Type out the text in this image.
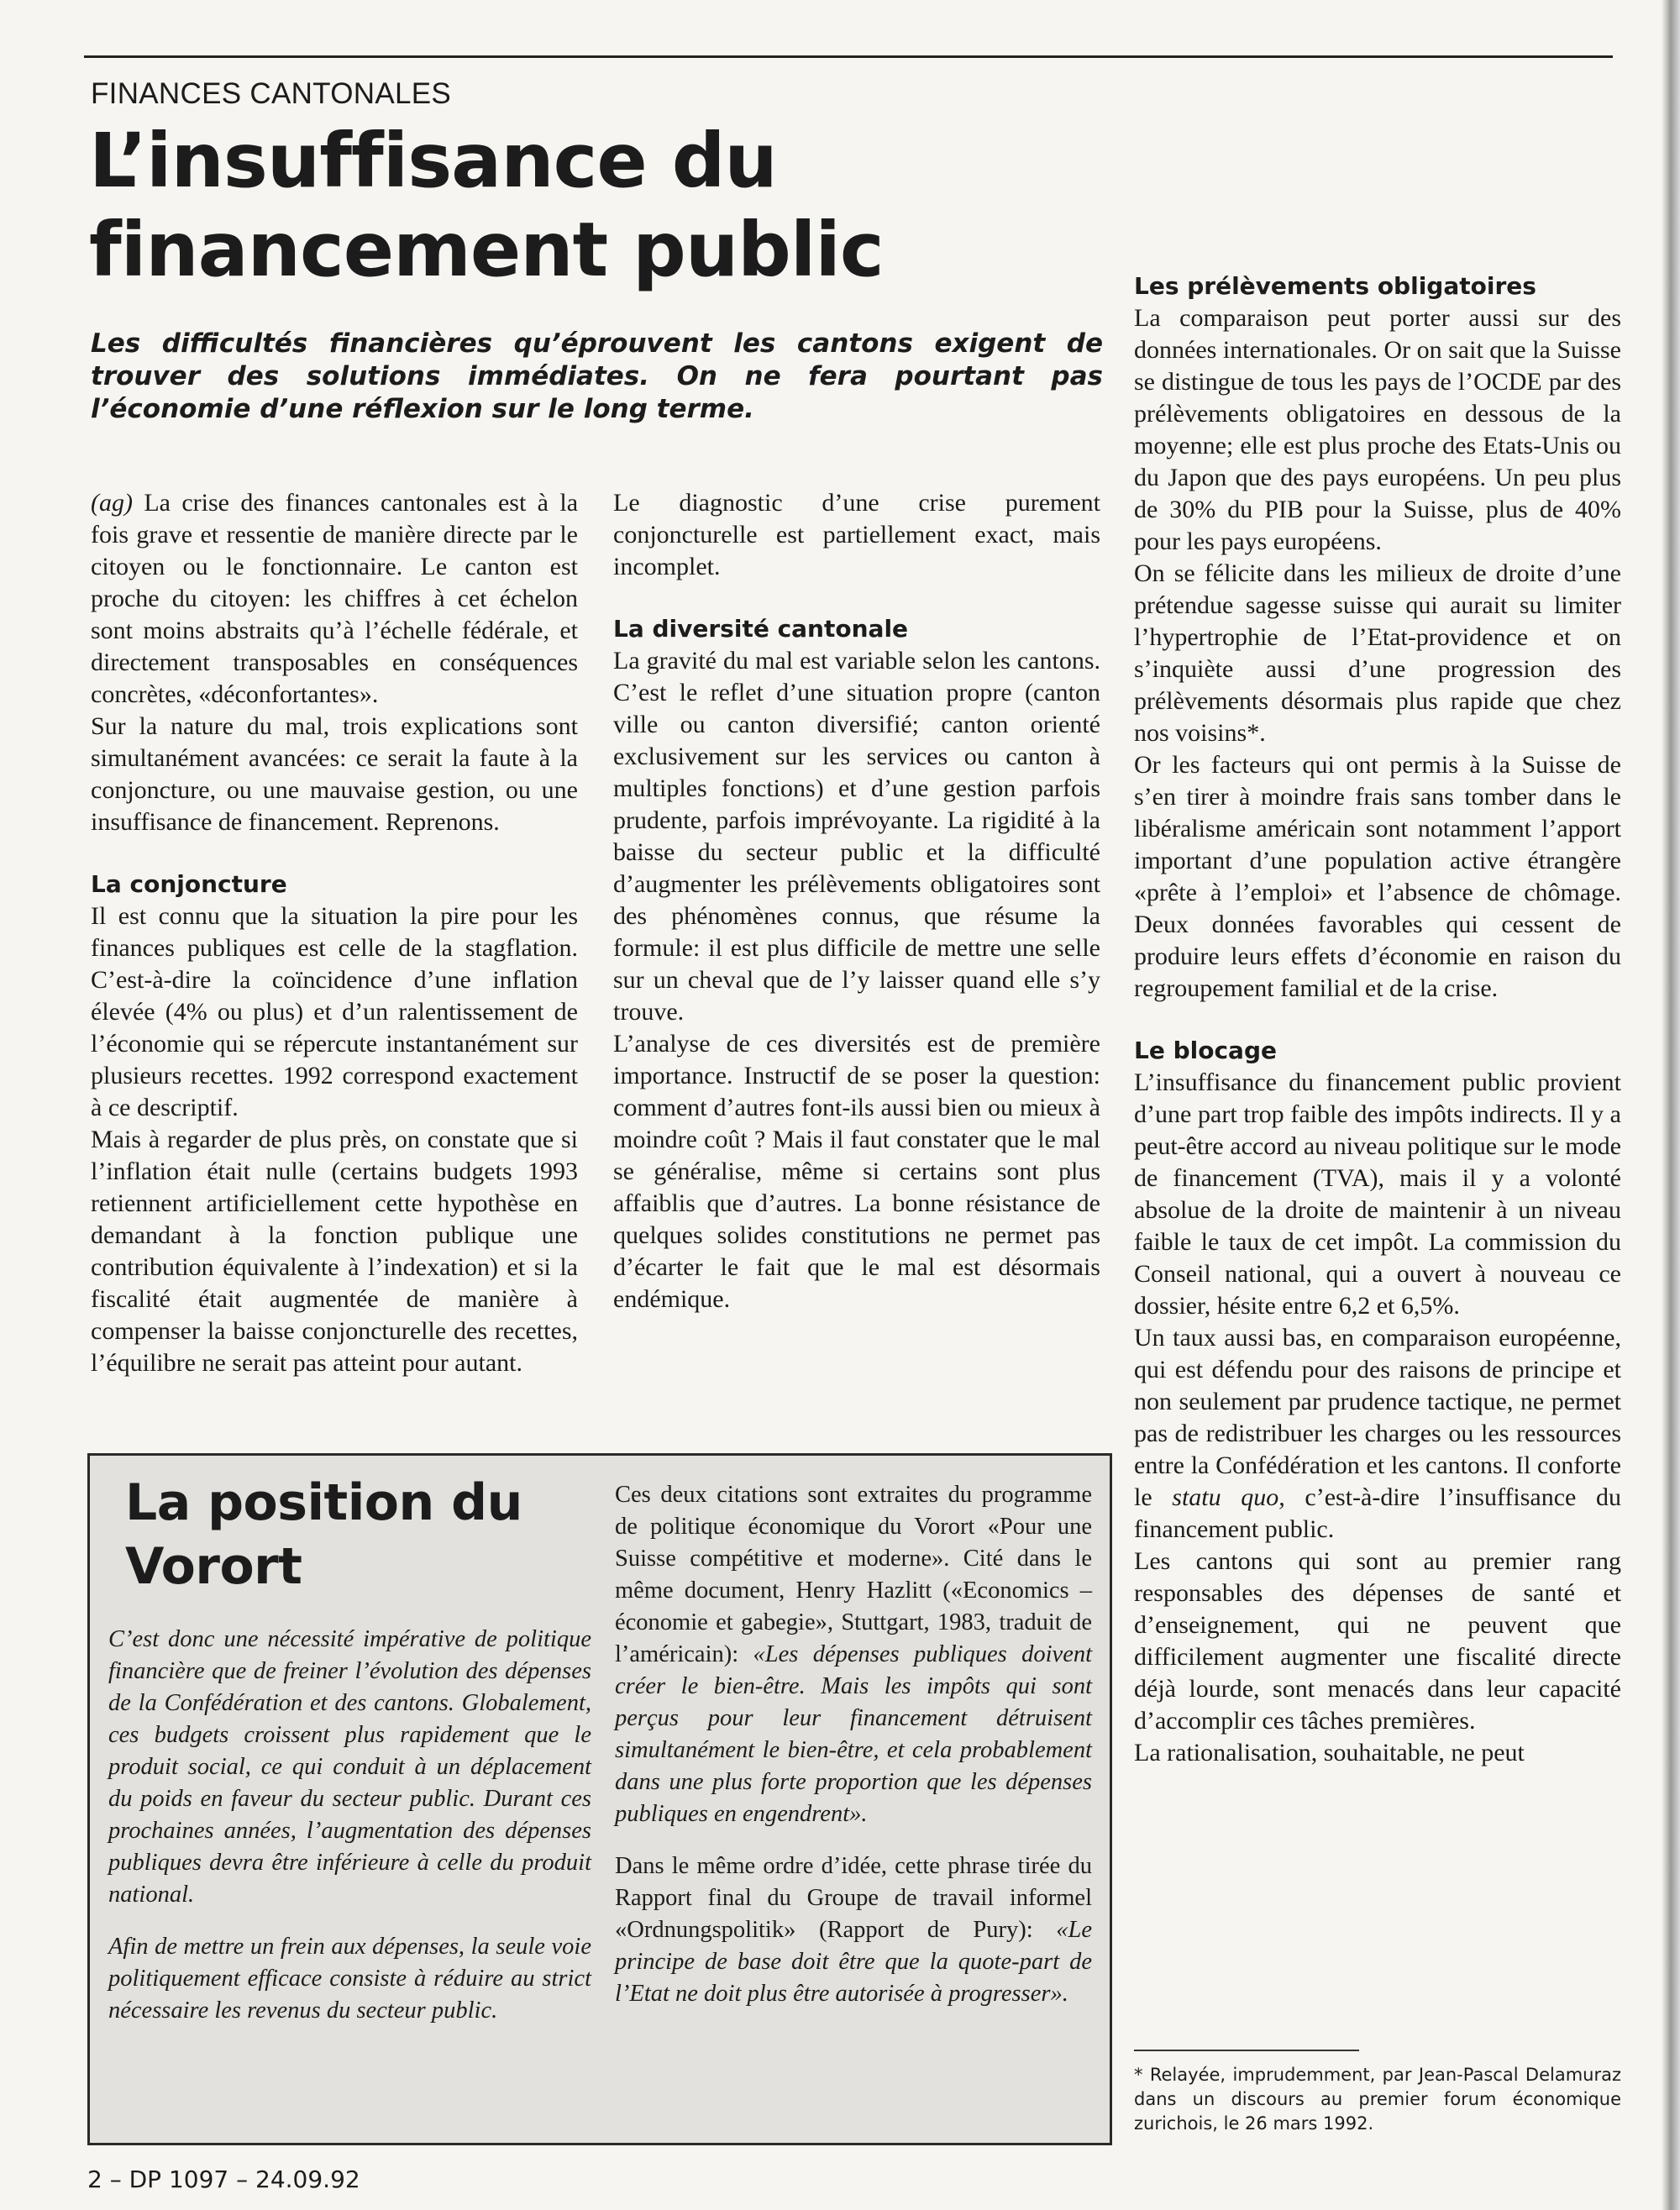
FINANCES CANTONALES
L’insuffisance du financement public

Les difficultés financières qu’éprouvent les cantons exigent de trouver des solutions immédiates. On ne fera pourtant pas l’économie d’une réflexion sur le long terme.

(ag) La crise des finances cantonales est à la fois grave et ressentie de manière directe par le citoyen ou le fonctionnaire. Le canton est proche du citoyen: les chiffres à cet échelon sont moins abstraits qu’à l’échelle fédérale, et directement transposables en conséquences concrètes, «déconfortantes».

Sur la nature du mal, trois explications sont simultanément avancées: ce serait la faute à la conjoncture, ou une mauvaise gestion, ou une insuffisance de financement. Reprenons.

La conjoncture

Il est connu que la situation la pire pour les finances publiques est celle de la stagflation. C’est-à-dire la coïncidence d’une inflation élevée (4% ou plus) et d’un ralentissement de l’économie qui se répercute instantanément sur plusieurs recettes. 1992 correspond exactement à ce descriptif.

Mais à regarder de plus près, on constate que si l’inflation était nulle (certains budgets 1993 retiennent artificiellement cette hypothèse en demandant à la fonction publique une contribution équivalente à l’indexation) et si la fiscalité était augmentée de manière à compenser la baisse conjoncturelle des recettes, l’équilibre ne serait pas atteint pour autant.

Le diagnostic d’une crise purement conjoncturelle est partiellement exact, mais incomplet.

La diversité cantonale

La gravité du mal est variable selon les cantons. C’est le reflet d’une situation propre (canton ville ou canton diversifié; canton orienté exclusivement sur les services ou canton à multiples fonctions) et d’une gestion parfois prudente, parfois imprévoyante. La rigidité à la baisse du secteur public et la difficulté d’augmenter les prélèvements obligatoires sont des phénomènes connus, que résume la formule: il est plus difficile de mettre une selle sur un cheval que de l’y laisser quand elle s’y trouve.

L’analyse de ces diversités est de première importance. Instructif de se poser la question: comment d’autres font-ils aussi bien ou mieux à moindre coût ? Mais il faut constater que le mal se généralise, même si certains sont plus affaiblis que d’autres. La bonne résistance de quelques solides constitutions ne permet pas d’écarter le fait que le mal est désormais endémique.

Les prélèvements obligatoires

La comparaison peut porter aussi sur des données internationales. Or on sait que la Suisse se distingue de tous les pays de l’OCDE par des prélèvements obligatoires en dessous de la moyenne; elle est plus proche des Etats-Unis ou du Japon que des pays européens. Un peu plus de 30% du PIB pour la Suisse, plus de 40% pour les pays européens.

On se félicite dans les milieux de droite d’une prétendue sagesse suisse qui aurait su limiter l’hypertrophie de l’Etat-providence et on s’inquiète aussi d’une progression des prélèvements désormais plus rapide que chez nos voisins*.

Or les facteurs qui ont permis à la Suisse de s’en tirer à moindre frais sans tomber dans le libéralisme américain sont notamment l’apport important d’une population active étrangère «prête à l’emploi» et l’absence de chômage. Deux données favorables qui cessent de produire leurs effets d’économie en raison du regroupement familial et de la crise.

Le blocage

L’insuffisance du financement public provient d’une part trop faible des impôts indirects. Il y a peut-être accord au niveau politique sur le mode de financement (TVA), mais il y a volonté absolue de la droite de maintenir à un niveau faible le taux de cet impôt. La commission du Conseil national, qui a ouvert à nouveau ce dossier, hésite entre 6,2 et 6,5%.

Un taux aussi bas, en comparaison européenne, qui est défendu pour des raisons de principe et non seulement par prudence tactique, ne permet pas de redistribuer les charges ou les ressources entre la Confédération et les cantons. Il conforte le statu quo, c’est-à-dire l’insuffisance du financement public.

Les cantons qui sont au premier rang responsables des dépenses de santé et d’enseignement, qui ne peuvent que difficilement augmenter une fiscalité directe déjà lourde, sont menacés dans leur capacité d’accomplir ces tâches premières.

La rationalisation, souhaitable, ne peut

La position du Vorort

C’est donc une nécessité impérative de politique financière que de freiner l’évolution des dépenses de la Confédération et des cantons. Globalement, ces budgets croissent plus rapidement que le produit social, ce qui conduit à un déplacement du poids en faveur du secteur public. Durant ces prochaines années, l’augmentation des dépenses publiques devra être inférieure à celle du produit national.

Afin de mettre un frein aux dépenses, la seule voie politiquement efficace consiste à réduire au strict nécessaire les revenus du secteur public.

Ces deux citations sont extraites du programme de politique économique du Vorort «Pour une Suisse compétitive et moderne». Cité dans le même document, Henry Hazlitt («Economics – économie et gabegie», Stuttgart, 1983, traduit de l’américain): «Les dépenses publiques doivent créer le bien-être. Mais les impôts qui sont perçus pour leur financement détruisent simultanément le bien-être, et cela probablement dans une plus forte proportion que les dépenses publiques en engendrent».

Dans le même ordre d’idée, cette phrase tirée du Rapport final du Groupe de travail informel «Ordnungspolitik» (Rapport de Pury): «Le principe de base doit être que la quote-part de l’Etat ne doit plus être autorisée à progresser».

* Relayée, imprudemment, par Jean-Pascal Delamuraz dans un discours au premier forum économique zurichois, le 26 mars 1992.
2 – DP 1097 – 24.09.92
